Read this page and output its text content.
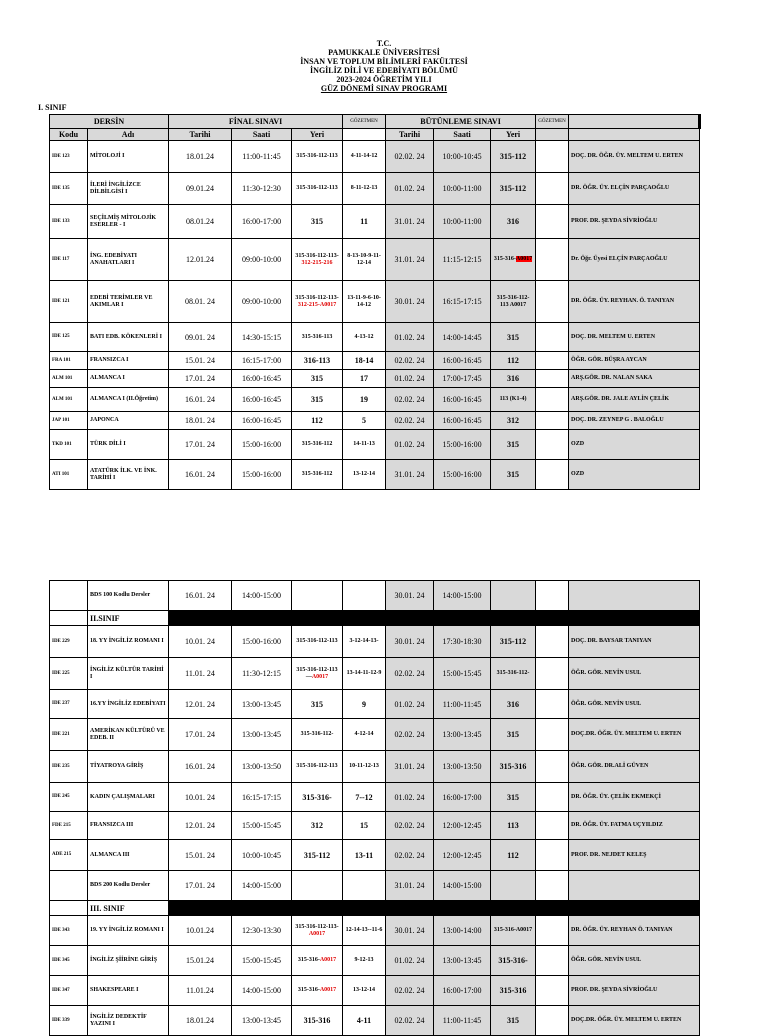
T.C.
PAMUKKALE ÜNİVERSİTESİ
İNSAN VE TOPLUM BİLİMLERİ FAKÜLTESİ
İNGİLİZ DİLİ VE EDEBİYATI BÖLÜMÜ
2023-2024 ÖĞRETİM YILI
GÜZ DÖNEMİ SINAV PROGRAMI
I. SINIF
DERSİN		FİNAL SINAVI			GÖZETMEN	BÜTÜNLEME SINAVI			GÖZETMEN	
Kodu	Adı	Tarihi	Saati	Yeri		Tarihi	Saati	Yeri		
IDE 123	MİTOLOJİ I	18.01.24	11:00-11:45	315-316-112-113	4-11-14-12	02.02. 24	10:00-10:45	315-112		DOÇ. DR. ÖĞR. ÜY. MELTEM U. ERTEN
IDE 135	İLERİ İNGİLİZCE DİLBİLGİSİ I	09.01.24	11:30-12:30	315-316-112-113	8-11-12-13	01.02. 24	10:00-11:00	315-112		DR. ÖĞR. ÜY. ELÇİN PARÇAOĞLU
IDE 133	SEÇİLMİŞ MİTOLOJİK ESERLER - I	08.01.24	16:00-17:00	315	11	31.01. 24	10:00-11:00	316		PROF. DR. ŞEYDA SİVRİOĞLU
IDE 117	İNG. EDEBİYATI ANAHATLARI I	12.01.24	09:00-10:00	315-316-112-113-312-215-216	8-13-10-9-11-12-14	31.01. 24	11:15-12:15	315-316-A0017		Dr. Öğr. Üyesi ELÇİN PARÇAOĞLU
IDE 121	EDEBİ TERİMLER VE AKIMLAR I	08.01. 24	09:00-10:00	315-316-112-113-312-215-A0017	13-11-9-6-10-14-12	30.01. 24	16:15-17:15	315-316-112-113 A0017		DR. ÖĞR. ÜY. REYHAN. Ö. TANIYAN
IDE 125	BATI EDB. KÖKENLERİ I	09.01. 24	14:30-15:15	315-316-113	4-13-12	01.02. 24	14:00-14:45	315		DOÇ. DR. MELTEM U. ERTEN
FRA 101	FRANSIZCA I	15.01. 24	16:15-17:00	316-113	18-14	02.02. 24	16:00-16:45	112		ÖĞR. GÖR. BÜŞRA AYCAN
ALM 101	ALMANCA I	17.01. 24	16:00-16:45	315	17	01.02. 24	17:00-17:45	316		ARŞ.GÖR. DR. NALAN SAKA
ALM 101	ALMANCA I (II.Öğretim)	16.01. 24	16:00-16:45	315	19	02.02. 24	16:00-16:45	113 (K1-4)		ARŞ.GÖR. DR. JALE AYLİN ÇELİK
JAP 101	JAPONCA	18.01. 24	16:00-16:45	112	5	02.02. 24	16:00-16:45	312		DOÇ. DR. ZEYNEP G . BALOĞLU
TKD 101	TÜRK DİLİ I	17.01. 24	15:00-16:00	315-316-112	14-11-13	01.02. 24	15:00-16:00	315		OZD
ATI 101	ATATÜRK İLK. VE İNK. TARİHİ I	16.01. 24	15:00-16:00	315-316-112	13-12-14	31.01. 24	15:00-16:00	315		OZD
	BDS 100 Kodlu Dersler	16.01. 24	14:00-15:00			30.01. 24	14:00-15:00			
	II.SINIF									
IDE 229	18. YY İNGİLİZ ROMANI I	10.01. 24	15:00-16:00	315-316-112-113	3-12-14-13-	30.01. 24	17:30-18:30	315-112		DOÇ. DR. BAYSAR TANIYAN
IDE 225	İNGİLİZ KÜLTÜR TARİHİ I	11.01. 24	11:30-12:15	315-316-112-113—A0017	13-14-11-12-9	02.02. 24	15:00-15:45	315-316-112-		ÖĞR. GÖR. NEVİN USUL
IDE 237	16.YY İNGİLİZ EDEBİYATI	12.01. 24	13:00-13:45	315	9	01.02. 24	11:00-11:45	316		ÖĞR. GÖR. NEVİN USUL
IDE 221	AMERİKAN KÜLTÜRÜ VE EDEB. II	17.01. 24	13:00-13:45	315-316-112-	4-12-14	02.02. 24	13:00-13:45	315		DOÇ.DR. ÖĞR. ÜY. MELTEM U. ERTEN
IDE 235	TİYATROYA GİRİŞ	16.01. 24	13:00-13:50	315-316-112-113	10-11-12-13	31.01. 24	13:00-13:50	315-316		ÖĞR. GÖR. DR.ALİ GÜVEN
IDE 245	KADIN ÇALIŞMALARI	10.01. 24	16:15-17:15	315-316-	7--12	01.02. 24	16:00-17:00	315		DR. ÖĞR. ÜY. ÇELİK EKMEKÇİ
FDE 215	FRANSIZCA III	12.01. 24	15:00-15:45	312	15	02.02. 24	12:00-12:45	113		DR. ÖĞR. ÜY. FATMA UÇYILDIZ
ADE 215	ALMANCA III	15.01. 24	10:00-10:45	315-112	13-11	02.02. 24	12:00-12:45	112		PROF. DR. NEJDET KELEŞ
	BDS 200 Kodlu Dersler	17.01. 24	14:00-15:00			31.01. 24	14:00-15:00			
	III. SINIF									
IDE 343	19. YY İNGİLİZ ROMANI I	10.01.24	12:30-13:30	315-316-112-113-A0017	12-14-13--11-6	30.01. 24	13:00-14:00	315-316-A0017		DR. ÖĞR. ÜY. REYHAN Ö. TANIYAN
IDE 345	İNGİLİZ ŞİİRİNE GİRİŞ	15.01.24	15:00-15:45	315-316-A0017	9-12-13	01.02. 24	13:00-13:45	315-316-		ÖĞR. GÖR. NEVİN USUL
IDE 347	SHAKESPEARE I	11.01.24	14:00-15:00	315-316-A0017	13-12-14	02.02. 24	16:00-17:00	315-316		PROF. DR. ŞEYDA SİVRİOĞLU
IDE 339	İNGİLİZ DEDEKTİF YAZINI I	18.01.24	13:00-13:45	315-316	4-11	02.02. 24	11:00-11:45	315		DOÇ.DR. ÖĞR. ÜY. MELTEM U. ERTEN
